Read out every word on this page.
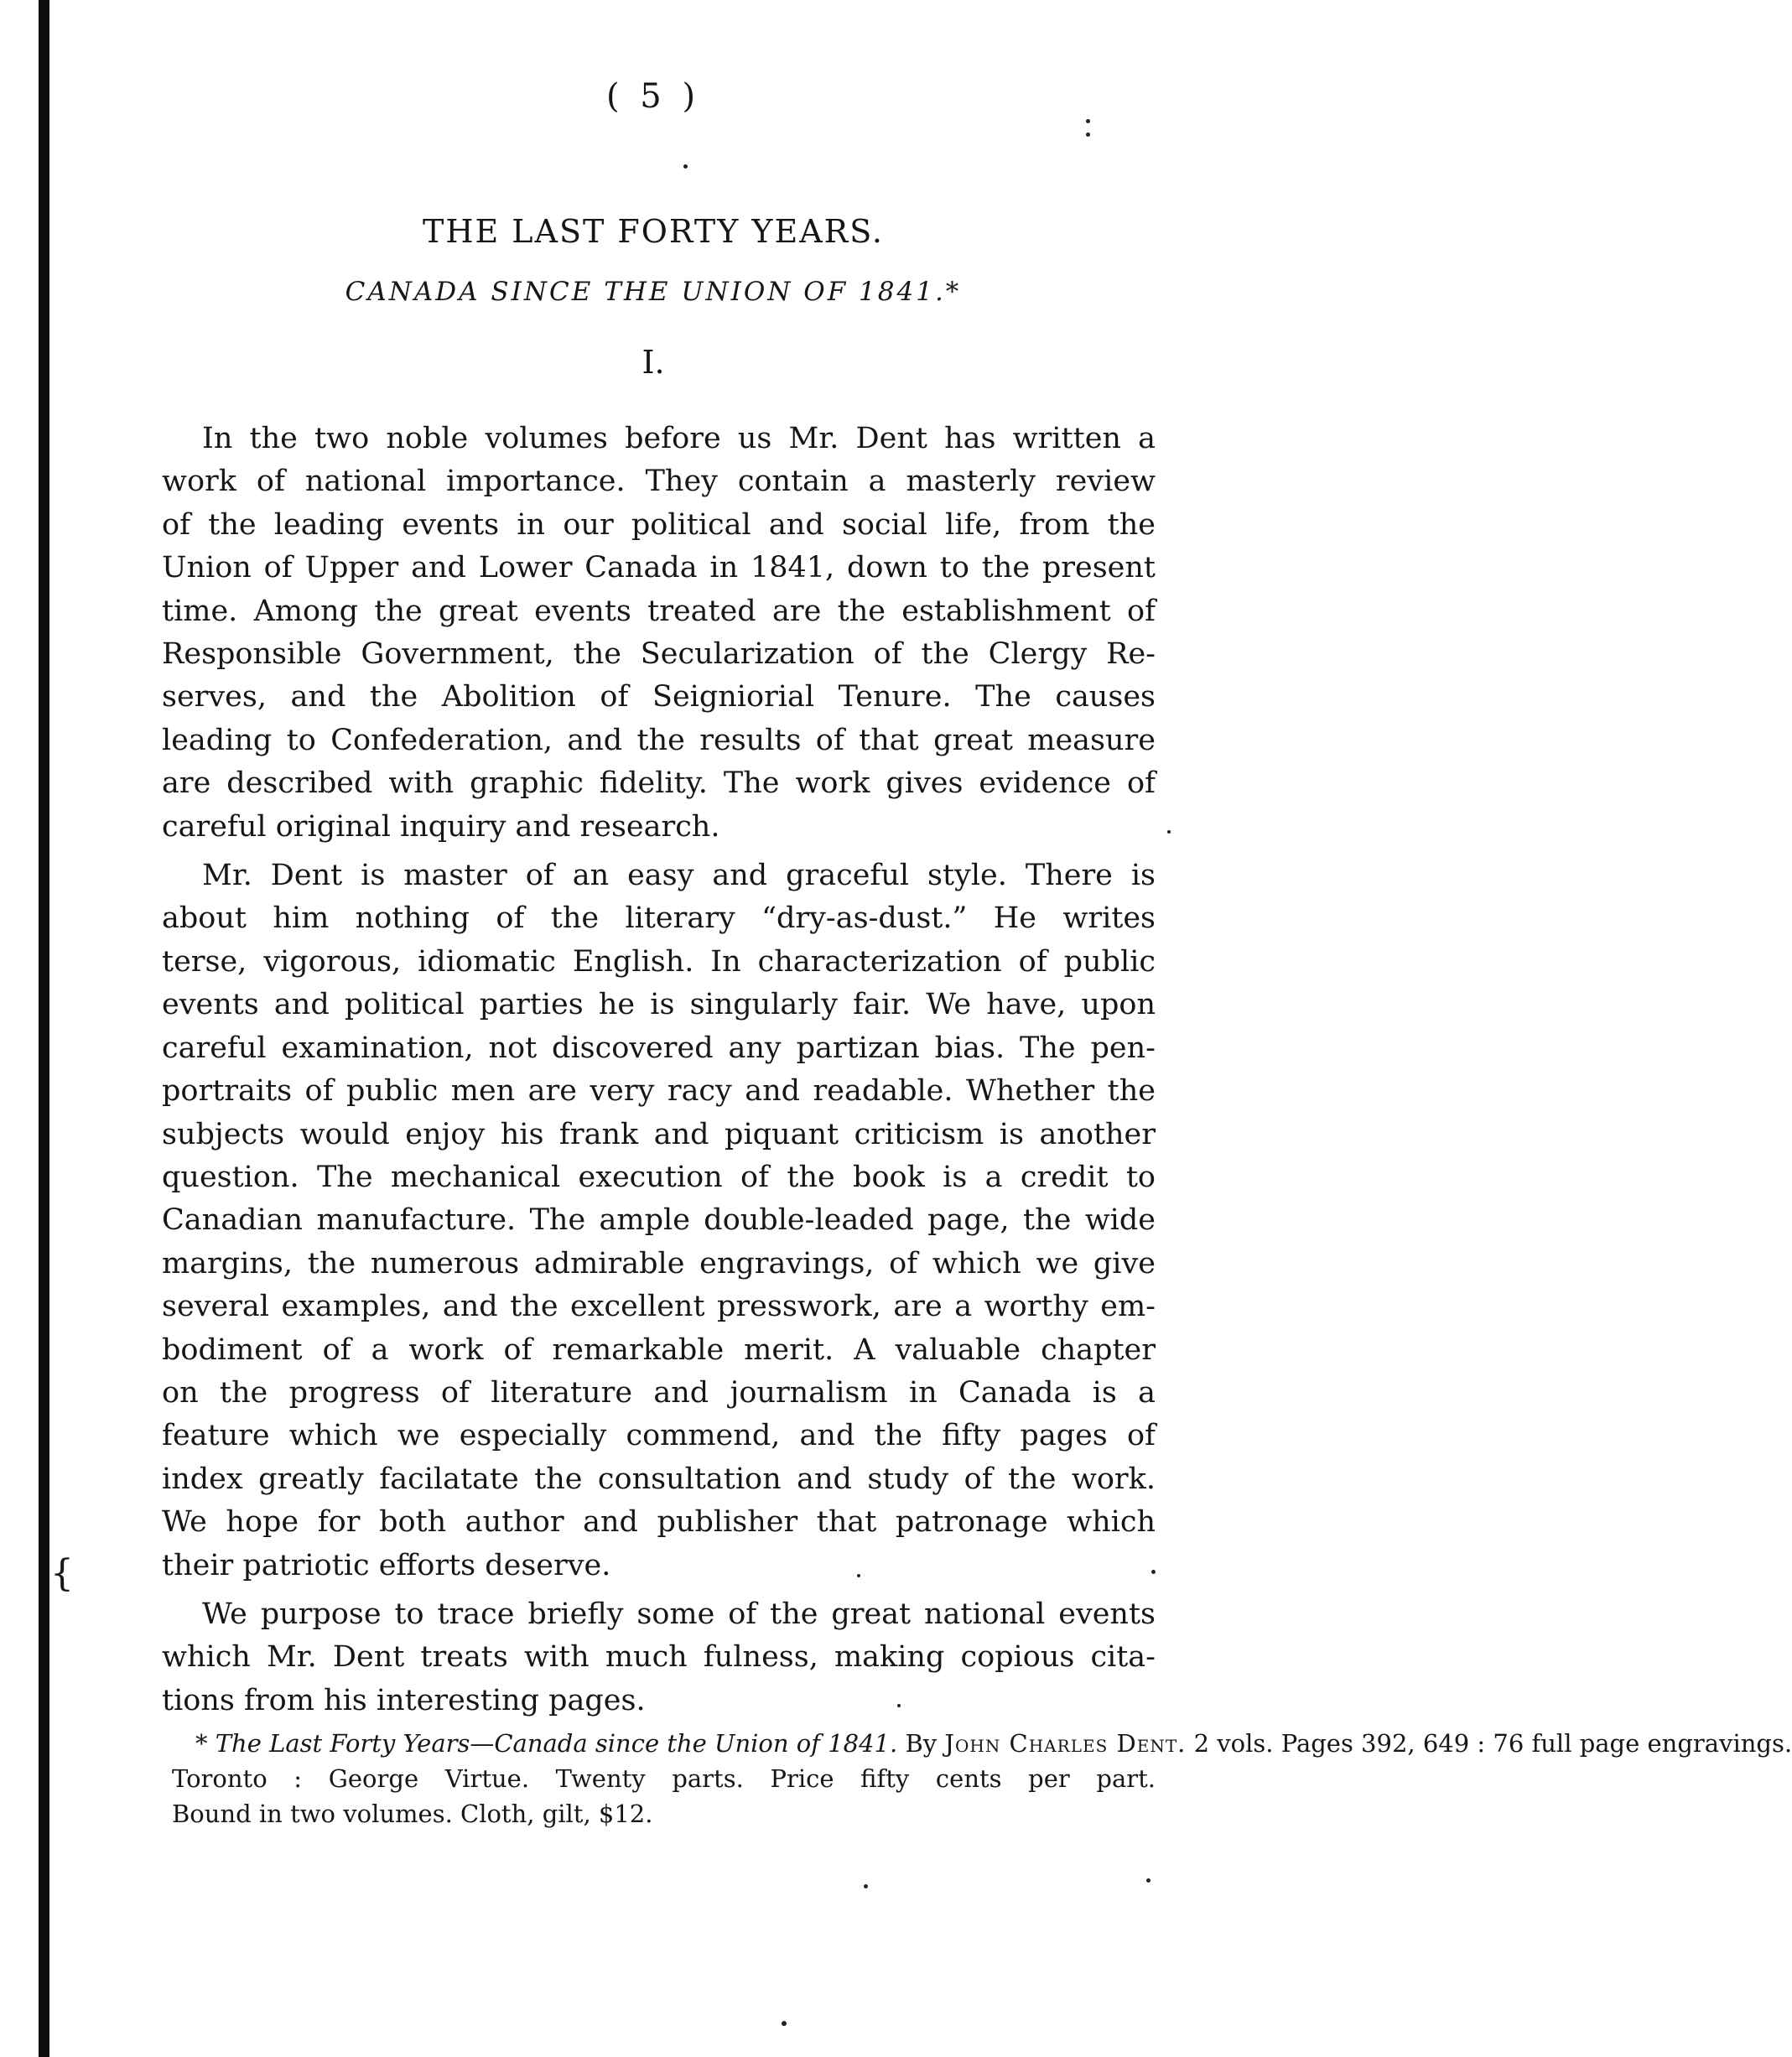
{
( 5 )
THE LAST FORTY YEARS.
CANADA SINCE THE UNION OF 1841.*
I.
In the two noble volumes before us Mr. Dent has written a
work of national importance. They contain a masterly review
of the leading events in our political and social life, from the
Union of Upper and Lower Canada in 1841, down to the present
time. Among the great events treated are the establishment of
Responsible Government, the Secularization of the Clergy Re-
serves, and the Abolition of Seigniorial Tenure. The causes
leading to Confederation, and the results of that great measure
are described with graphic fidelity. The work gives evidence of
careful original inquiry and research.
Mr. Dent is master of an easy and graceful style. There is
about him nothing of the literary “dry-as-dust.” He writes
terse, vigorous, idiomatic English. In characterization of public
events and political parties he is singularly fair. We have, upon
careful examination, not discovered any partizan bias. The pen-
portraits of public men are very racy and readable. Whether the
subjects would enjoy his frank and piquant criticism is another
question. The mechanical execution of the book is a credit to
Canadian manufacture. The ample double-leaded page, the wide
margins, the numerous admirable engravings, of which we give
several examples, and the excellent presswork, are a worthy em-
bodiment of a work of remarkable merit. A valuable chapter
on the progress of literature and journalism in Canada is a
feature which we especially commend, and the fifty pages of
index greatly facilatate the consultation and study of the work.
We hope for both author and publisher that patronage which
their patriotic efforts deserve.
We purpose to trace briefly some of the great national events
which Mr. Dent treats with much fulness, making copious cita-
tions from his interesting pages.
* The Last Forty Years—Canada since the Union of 1841. By John Charles Dent. 2 vols. Pages 392, 649 : 76 full page engravings.
Toronto : George Virtue. Twenty parts. Price fifty cents per part.
Bound in two volumes. Cloth, gilt, $12.
